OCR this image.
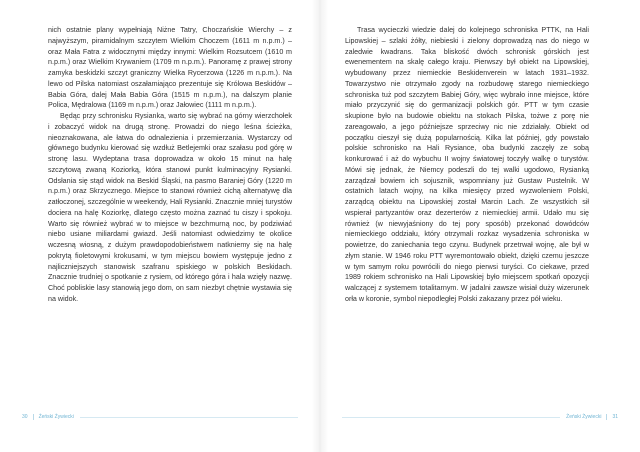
nich ostatnie plany wypełniają Niżne Tatry, Choczańskie Wierchy – z najwyższym, piramidalnym szczytem Wielkim Choczem (1611 m n.p.m.) – oraz Mała Fatra z widocznymi między innymi: Wielkim Rozsutcem (1610 m n.p.m.) oraz Wielkim Krywaniem (1709 m n.p.m.). Panoramę z prawej strony zamyka beskidzki szczyt graniczny Wielka Rycerzowa (1226 m n.p.m.). Na lewo od Pilska natomiast oszałamiająco prezentuje się Królowa Beskidów – Babia Góra, dalej Mała Babia Góra (1515 m n.p.m.), na dalszym planie Polica, Mędralowa (1169 m n.p.m.) oraz Jałowiec (1111 m n.p.m.).

Będąc przy schronisku Rysianka, warto się wybrać na górny wierzchołek i zobaczyć widok na drugą stronę. Prowadzi do niego leśna ścieżka, nieoznakowana, ale łatwa do odnalezienia i przemierzania. Wystarczy od głównego budynku kierować się wzdłuż Betlejemki oraz szałasu pod górę w stronę lasu. Wydeptana trasa doprowadza w około 15 minut na halę szczytową zwaną Koziorką, która stanowi punkt kulminacyjny Rysianki. Odsłania się stąd widok na Beskid Śląski, na pasmo Baraniej Góry (1220 m n.p.m.) oraz Skrzycznego. Miejsce to stanowi również cichą alternatywę dla zatłoczonej, szczególnie w weekendy, Hali Rysianki. Znacznie mniej turystów dociera na halę Koziorkę, dlatego często można zaznać tu ciszy i spokoju. Warto się również wybrać w to miejsce w bezchmurną noc, by podziwiać niebo usiane miliardami gwiazd. Jeśli natomiast odwiedzimy te okolice wczesną wiosną, z dużym prawdopodobieństwem natkniemy się na halę pokrytą fioletowymi krokusami, w tym miejscu bowiem występuje jedno z najliczniejszych stanowisk szafranu spiskiego w polskich Beskidach. Znacznie trudniej o spotkanie z rysiem, od którego góra i hala wzięły nazwę. Choć pobliskie lasy stanowią jego dom, on sam niezbyt chętnie wystawia się na widok.

30 Żeński Żywiecki

Trasa wycieczki wiedzie dalej do kolejnego schroniska PTTK, na Hali Lipowskiej – szlaki żółty, niebieski i zielony doprowadzą nas do niego w zaledwie kwadrans. Taka bliskość dwóch schronisk górskich jest ewenementem na skalę całego kraju. Pierwszy był obiekt na Lipowskiej, wybudowany przez niemieckie Beskidenverein w latach 1931–1932. Towarzystwo nie otrzymało zgody na rozbudowę starego niemieckiego schroniska tuż pod szczytem Babiej Góry, więc wybrało inne miejsce, które miało przyczynić się do germanizacji polskich gór. PTT w tym czasie skupione było na budowie obiektu na stokach Pilska, tożwe z porę nie zareagowało, a jego późniejsze sprzeciwy nic nie zdziałały. Obiekt od początku cieszył się dużą popularnością. Kilka lat później, gdy powstało polskie schronisko na Hali Rysiance, oba budynki zaczęły ze sobą konkurować i aż do wybuchu II wojny światowej toczyły walkę o turystów. Mówi się jednak, że Niemcy podeszli do tej walki ugodowo, Rysianką zarządzał bowiem ich sojusznik, wspomniany już Gustaw Pustelnik. W ostatnich latach wojny, na kilka miesięcy przed wyzwoleniem Polski, zarządcą obiektu na Lipowskiej został Marcin Lach. Ze wszystkich sił wspierał partyzantów oraz dezerterów z niemieckiej armii. Udało mu się również (w niewyjaśniony do tej pory sposób) przekonać dowódców niemieckiego oddziału, który otrzymali rozkaz wysadzenia schroniska w powietrze, do zaniechania tego czynu. Budynek przetrwał wojnę, ale był w złym stanie. W 1946 roku PTT wyremontowało obiekt, dzięki czemu jeszcze w tym samym roku powrócili do niego pierwsi turyści. Co ciekawe, przed 1989 rokiem schronisko na Hali Lipowskiej było miejscem spotkań opozycji walczącej z systemem totalitarnym. W jadalni zawsze wisiał duży wizerunek orła w koronie, symbol niepodległej Polski zakazany przez pół wieku.

Żeński Żywiecki 31
